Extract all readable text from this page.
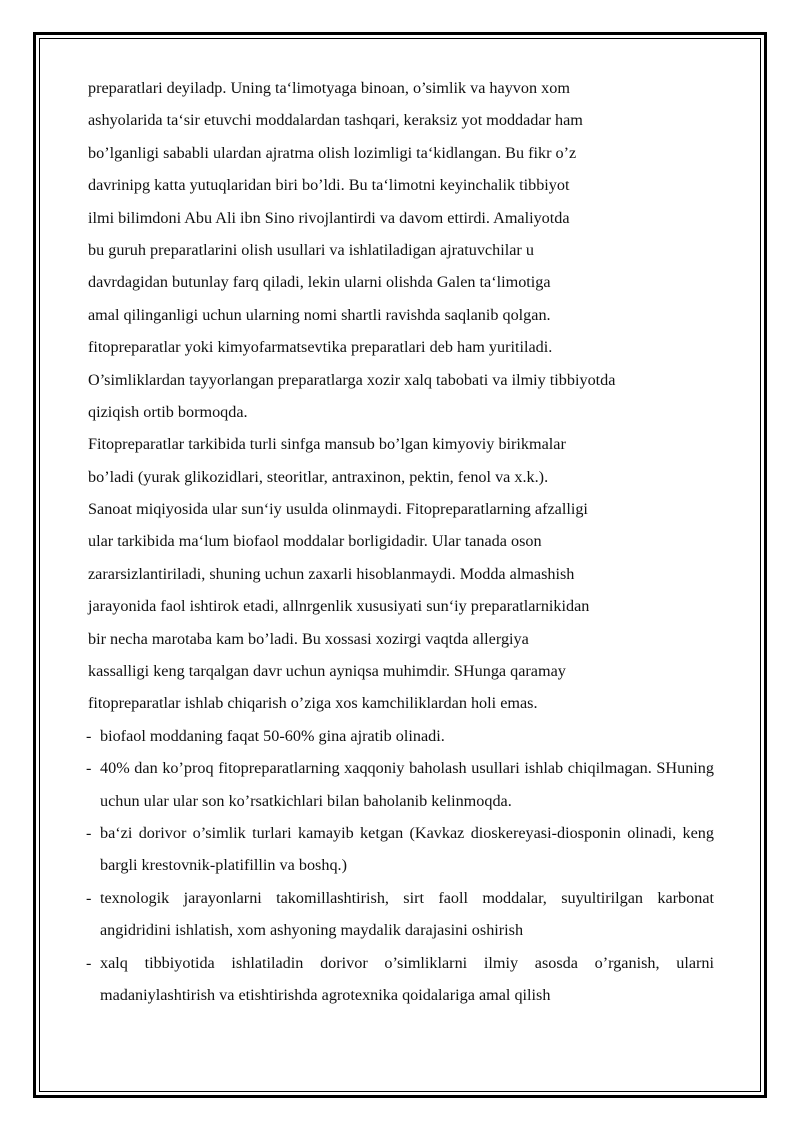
preparatlari deyiladp. Uning ta‘limotyaga binoan, o’simlik va hayvon xom
ashyolarida ta‘sir etuvchi moddalardan tashqari, keraksiz yot moddadar ham
bo’lganligi sababli ulardan ajratma olish lozimligi ta‘kidlangan. Bu fikr o’z
davrinipg katta yutuqlaridan biri bo’ldi. Bu ta‘limotni keyinchalik tibbiyot
ilmi bilimdoni Abu Ali ibn Sino rivojlantirdi va davom ettirdi. Amaliyotda
bu guruh preparatlarini olish usullari va ishlatiladigan ajratuvchilar u
davrdagidan butunlay farq qiladi, lekin ularni olishda Galen ta‘limotiga
amal qilinganligi uchun ularning nomi shartli ravishda saqlanib qolgan.
fitopreparatlar yoki kimyofarmatsevtika preparatlari deb ham yuritiladi.
O’simliklardan tayyorlangan preparatlarga xozir xalq tabobati va ilmiy tibbiyotda
qiziqish ortib bormoqda.
Fitopreparatlar tarkibida turli sinfga mansub bo’lgan kimyoviy birikmalar
bo’ladi (yurak glikozidlari, steoritlar, antraxinon, pektin, fenol va x.k.).
Sanoat miqiyosida ular sun‘iy usulda olinmaydi. Fitopreparatlarning afzalligi
ular tarkibida ma‘lum biofaol moddalar borligidadir. Ular tanada oson
zararsizlantiriladi, shuning uchun zaxarli hisoblanmaydi. Modda almashish
jarayonida faol ishtirok etadi, allnrgenlik xususiyati sun‘iy preparatlarnikidan
bir necha marotaba kam bo’ladi. Bu xossasi xozirgi vaqtda allergiya
kassalligi keng tarqalgan davr uchun ayniqsa muhimdir. SHunga qaramay
fitopreparatlar ishlab chiqarish o’ziga xos kamchiliklardan holi emas.
- biofaol moddaning faqat 50-60% gina ajratib olinadi.
- 40% dan ko’proq fitopreparatlarning xaqqoniy baholash usullari ishlab chiqilmagan. SHuning uchun ular ular son ko’rsatkichlari bilan baholanib kelinmoqda.
- ba‘zi dorivor o’simlik turlari kamayib ketgan (Kavkaz dioskereyasi-diosponin olinadi, keng bargli krestovnik-platifillin va boshq.)
- texnologik jarayonlarni takomillashtirish, sirt faoll moddalar, suyultirilgan karbonat angidridini ishlatish, xom ashyoning maydalik darajasini oshirish
- xalq tibbiyotida ishlatiladin dorivor o’simliklarni ilmiy asosda o’rganish, ularni madaniylashtirish va etishtirishda agrotexnika qoidalariga amal qilish
